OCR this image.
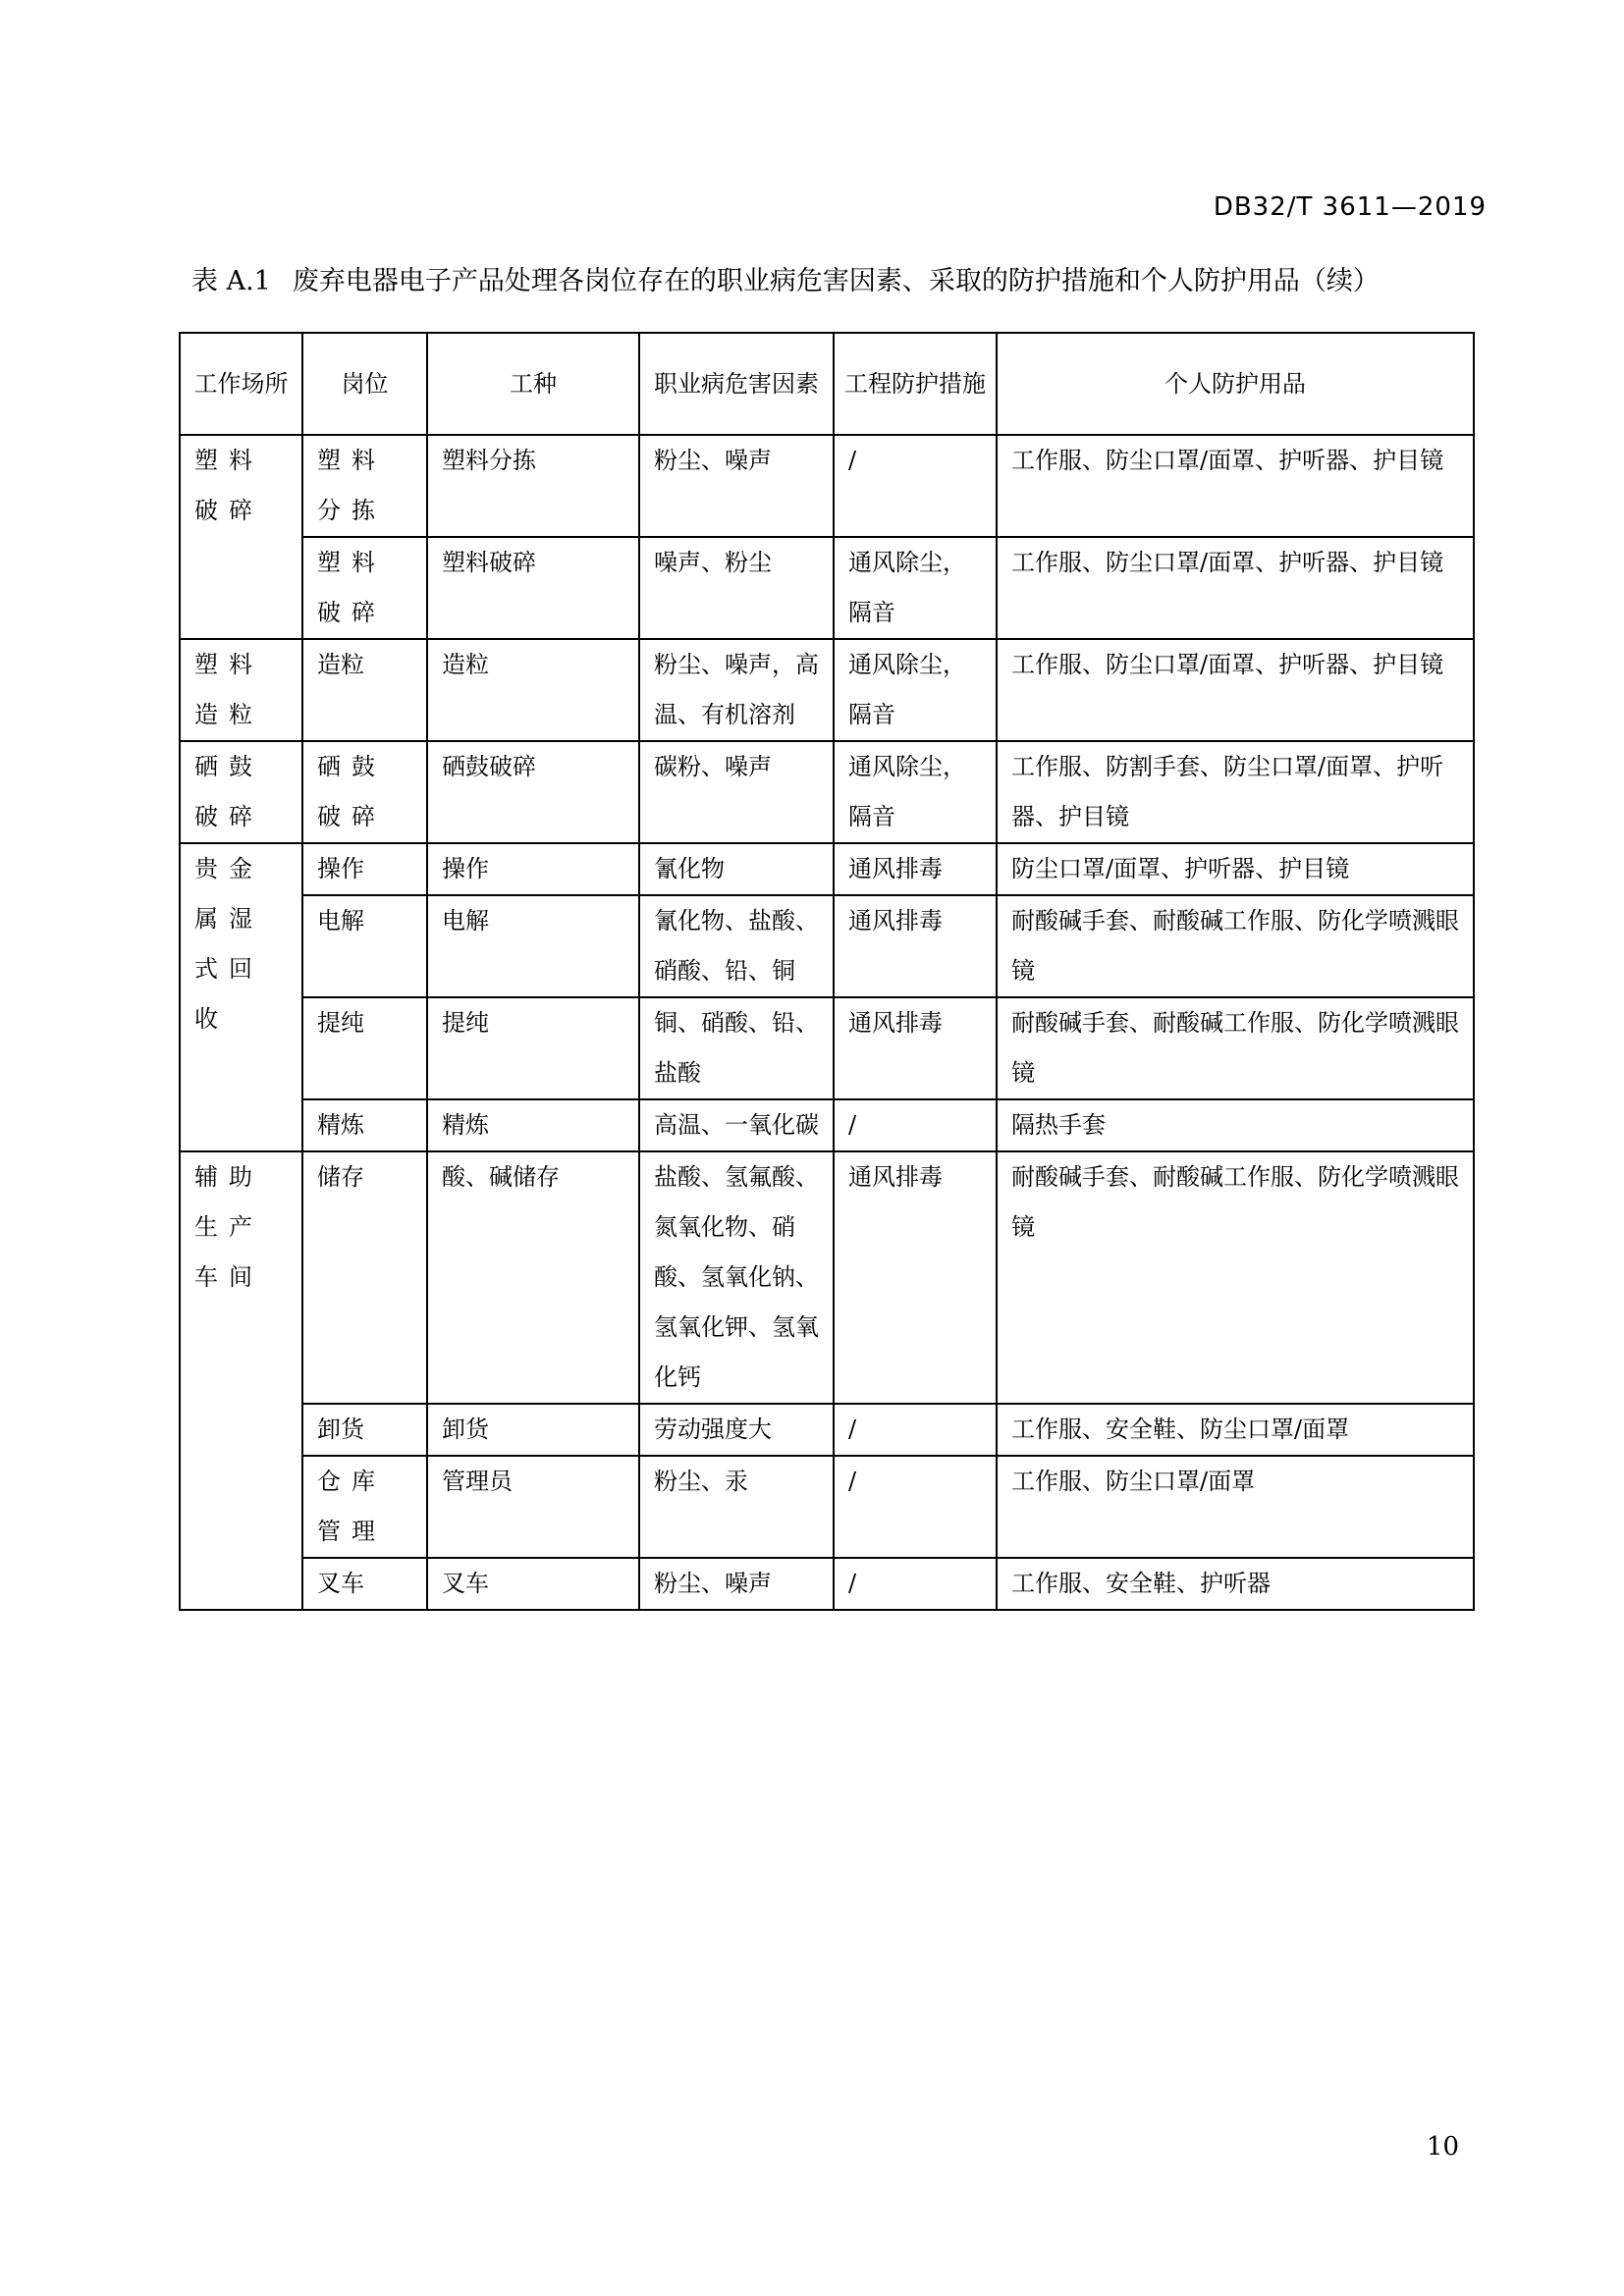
DB32/T 3611—2019
表 A.1 废弃电器电子产品处理各岗位存在的职业病危害因素、采取的防护措施和个人防护用品（续）
工作场所	岗位	工种	职业病危害因素	工程防护措施	个人防护用品
塑料破碎	塑料分拣	塑料分拣	粉尘、噪声	/	工作服、防尘口罩/面罩、护听器、护目镜
	塑料破碎	塑料破碎	噪声、粉尘	通风除尘，隔音	工作服、防尘口罩/面罩、护听器、护目镜
塑料造粒	造粒	造粒	粉尘、噪声，高温、有机溶剂	通风除尘，隔音	工作服、防尘口罩/面罩、护听器、护目镜
硒鼓破碎	硒鼓破碎	硒鼓破碎	碳粉、噪声	通风除尘，隔音	工作服、防割手套、防尘口罩/面罩、护听器、护目镜
贵金属湿式回收	操作	操作	氰化物	通风排毒	防尘口罩/面罩、护听器、护目镜
	电解	电解	氰化物、盐酸、硝酸、铅、铜	通风排毒	耐酸碱手套、耐酸碱工作服、防化学喷溅眼镜
	提纯	提纯	铜、硝酸、铅、盐酸	通风排毒	耐酸碱手套、耐酸碱工作服、防化学喷溅眼镜
	精炼	精炼	高温、一氧化碳	/	隔热手套
辅助生产车间	储存	酸、碱储存	盐酸、氢氟酸、氮氧化物、硝酸、氢氧化钠、氢氧化钾、氢氧化钙	通风排毒	耐酸碱手套、耐酸碱工作服、防化学喷溅眼镜
	卸货	卸货	劳动强度大	/	工作服、安全鞋、防尘口罩/面罩
	仓库管理	管理员	粉尘、汞	/	工作服、防尘口罩/面罩
	叉车	叉车	粉尘、噪声	/	工作服、安全鞋、护听器
10
